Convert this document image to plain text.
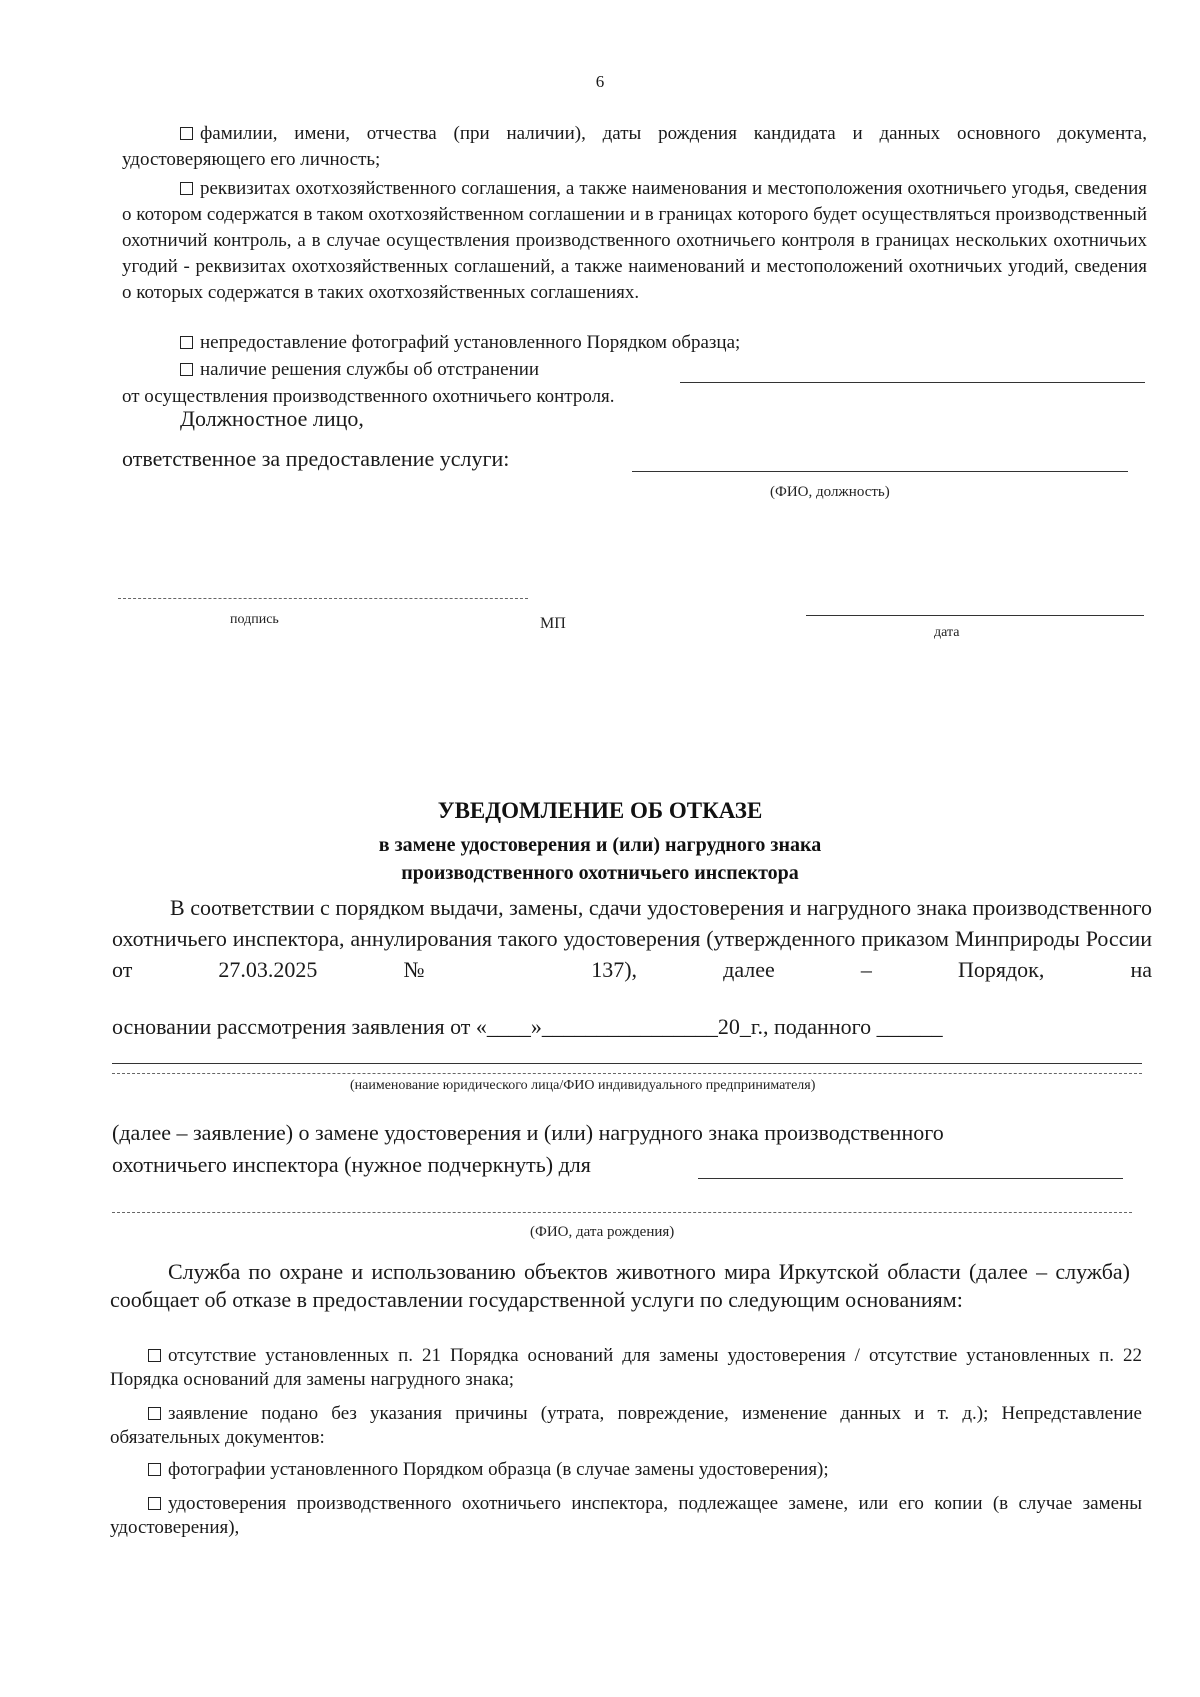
6
фамилии, имени, отчества (при наличии), даты рождения кандидата и данных основного документа, удостоверяющего его личность;
реквизитах охотхозяйственного соглашения, а также наименования и местоположения охотничьего угодья, сведения о котором содержатся в таком охотхозяйственном соглашении и в границах которого будет осуществляться производственный охотничий контроль, а в случае осуществления производственного охотничьего контроля в границах нескольких охотничьих угодий - реквизитах охотхозяйственных соглашений, а также наименований и местоположений охотничьих угодий, сведения о которых содержатся в таких охотхозяйственных соглашениях.
непредоставление фотографий установленного Порядком образца;
наличие решения службы об отстранении
от осуществления производственного охотничьего контроля.
Должностное лицо,
ответственное за предоставление услуги:
(ФИО, должность)
подпись	МП
дата
УВЕДОМЛЕНИЕ ОБ ОТКАЗЕ
в замене удостоверения и (или) нагрудного знака
производственного охотничьего инспектора
В соответствии с порядком выдачи, замены, сдачи удостоверения и нагрудного знака производственного охотничьего инспектора, аннулирования такого удостоверения (утвержденного приказом Минприроды России от 27.03.2025 № 137), далее – Порядок, на
основании рассмотрения заявления от «____»________________20_г., поданного ______
(наименование юридического лица/ФИО индивидуального предпринимателя)
(далее – заявление) о замене удостоверения и (или) нагрудного знака производственного
охотничьего инспектора (нужное подчеркнуть) для
(ФИО, дата рождения)
Служба по охране и использованию объектов животного мира Иркутской области (далее – служба) сообщает об отказе в предоставлении государственной услуги по следующим основаниям:
отсутствие установленных п. 21 Порядка оснований для замены удостоверения / отсутствие установленных п. 22 Порядка оснований для замены нагрудного знака;
заявление подано без указания причины (утрата, повреждение, изменение данных и т. д.); Непредставление обязательных документов:
фотографии установленного Порядком образца (в случае замены удостоверения);
удостоверения производственного охотничьего инспектора, подлежащее замене, или его копии (в случае замены удостоверения),
